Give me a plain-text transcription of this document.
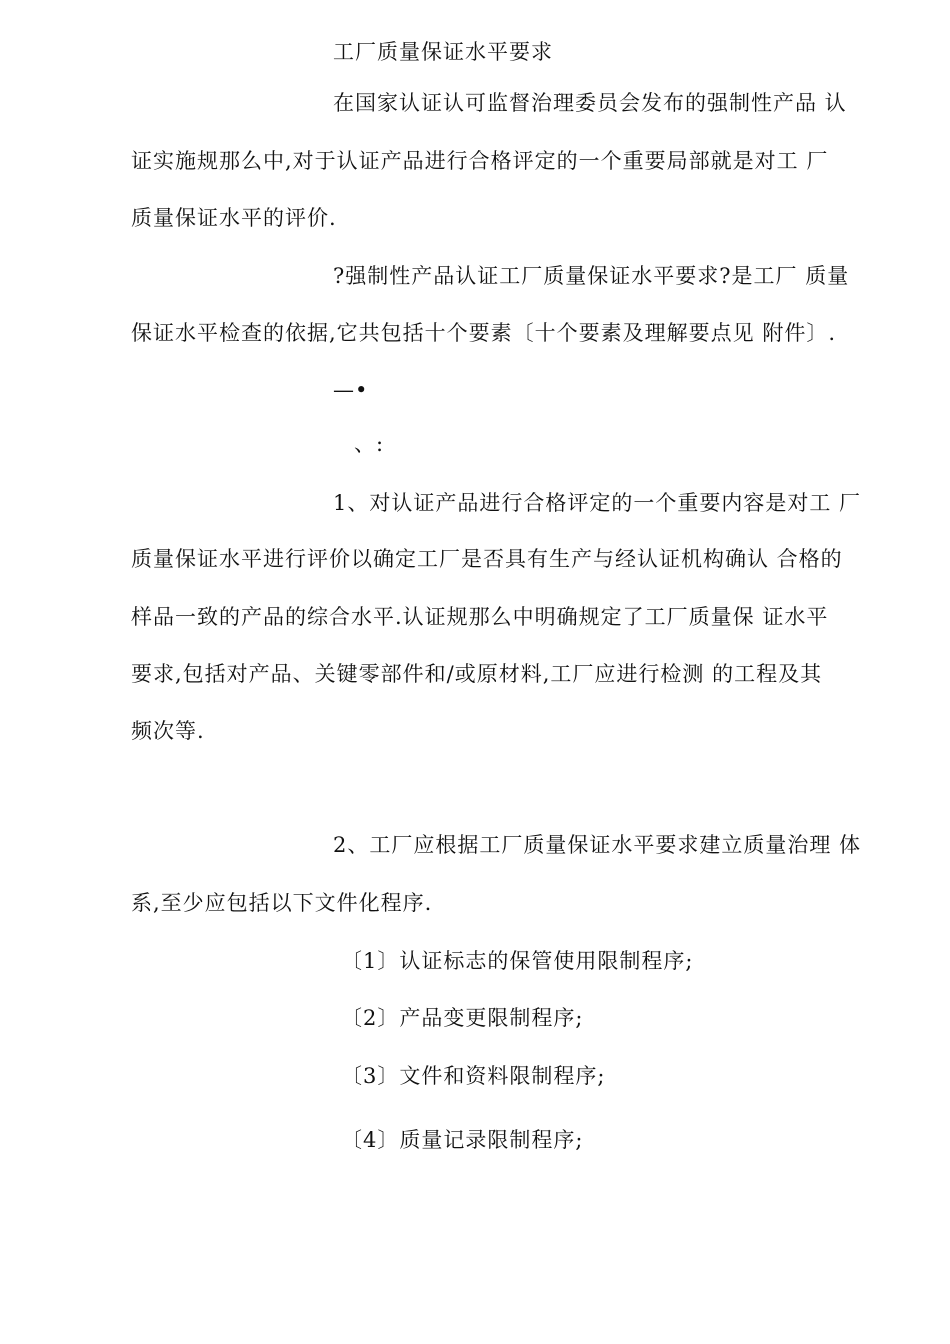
工厂质量保证水平要求
在国家认证认可监督治理委员会发布的强制性产品 认
证实施规那么中,对于认证产品进行合格评定的一个重要局部就是对工 厂
质量保证水平的评价.
?强制性产品认证工厂质量保证水平要求?是工厂 质量
保证水平检查的依据,它共包括十个要素〔十个要素及理解要点见 附件〕.
—•
、:
1、对认证产品进行合格评定的一个重要内容是对工 厂
质量保证水平进行评价以确定工厂是否具有生产与经认证机构确认 合格的
样品一致的产品的综合水平.认证规那么中明确规定了工厂质量保 证水平
要求,包括对产品、关键零部件和/或原材料,工厂应进行检测 的工程及其
频次等.
2、工厂应根据工厂质量保证水平要求建立质量治理 体
系,至少应包括以下文件化程序.
〔1〕认证标志的保管使用限制程序;
〔2〕产品变更限制程序;
〔3〕文件和资料限制程序;
〔4〕质量记录限制程序;
